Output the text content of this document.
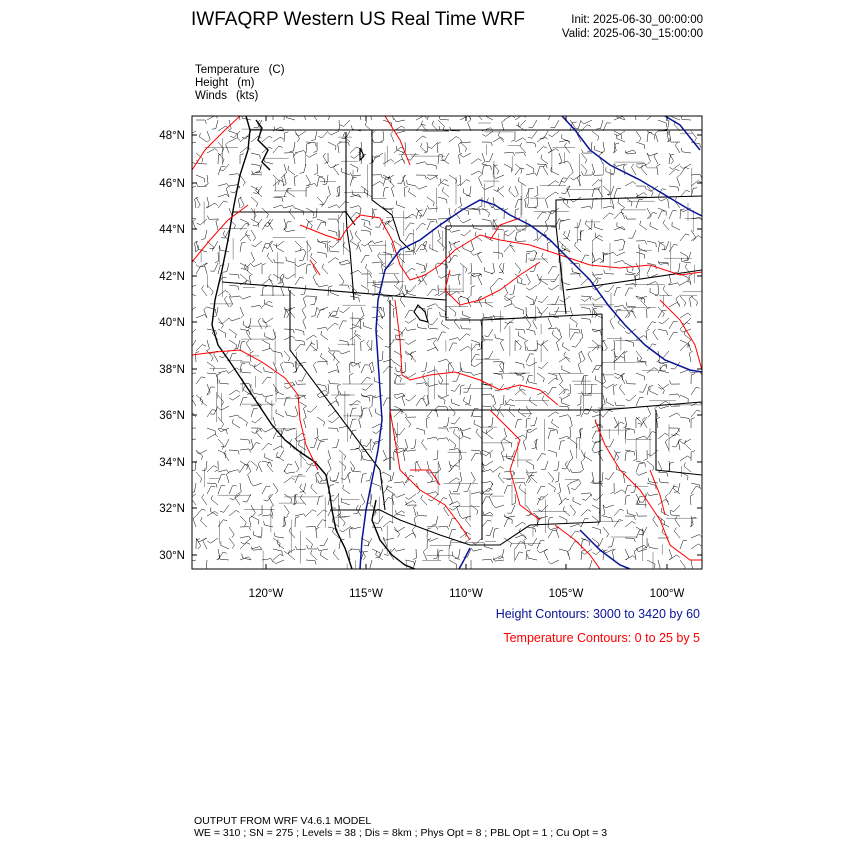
IWFAQRP Western US Real Time WRF	Init: 2025-06-30_00:00:00
Valid: 2025-06-30_15:00:00
Temperature (C)
Height (m)
Winds (kts)
48°N
46°N
44°N
42°N
40°N
38°N
36°N
34°N
32°N
30°N
120°W	115°W	110°W	105°W	100°W
Height Contours: 3000 to 3420 by 60
Temperature Contours: 0 to 25 by 5
OUTPUT FROM WRF V4.6.1 MODEL
WE = 310 ; SN = 275 ; Levels = 38 ; Dis = 8km ; Phys Opt = 8 ; PBL Opt = 1 ; Cu Opt = 3
